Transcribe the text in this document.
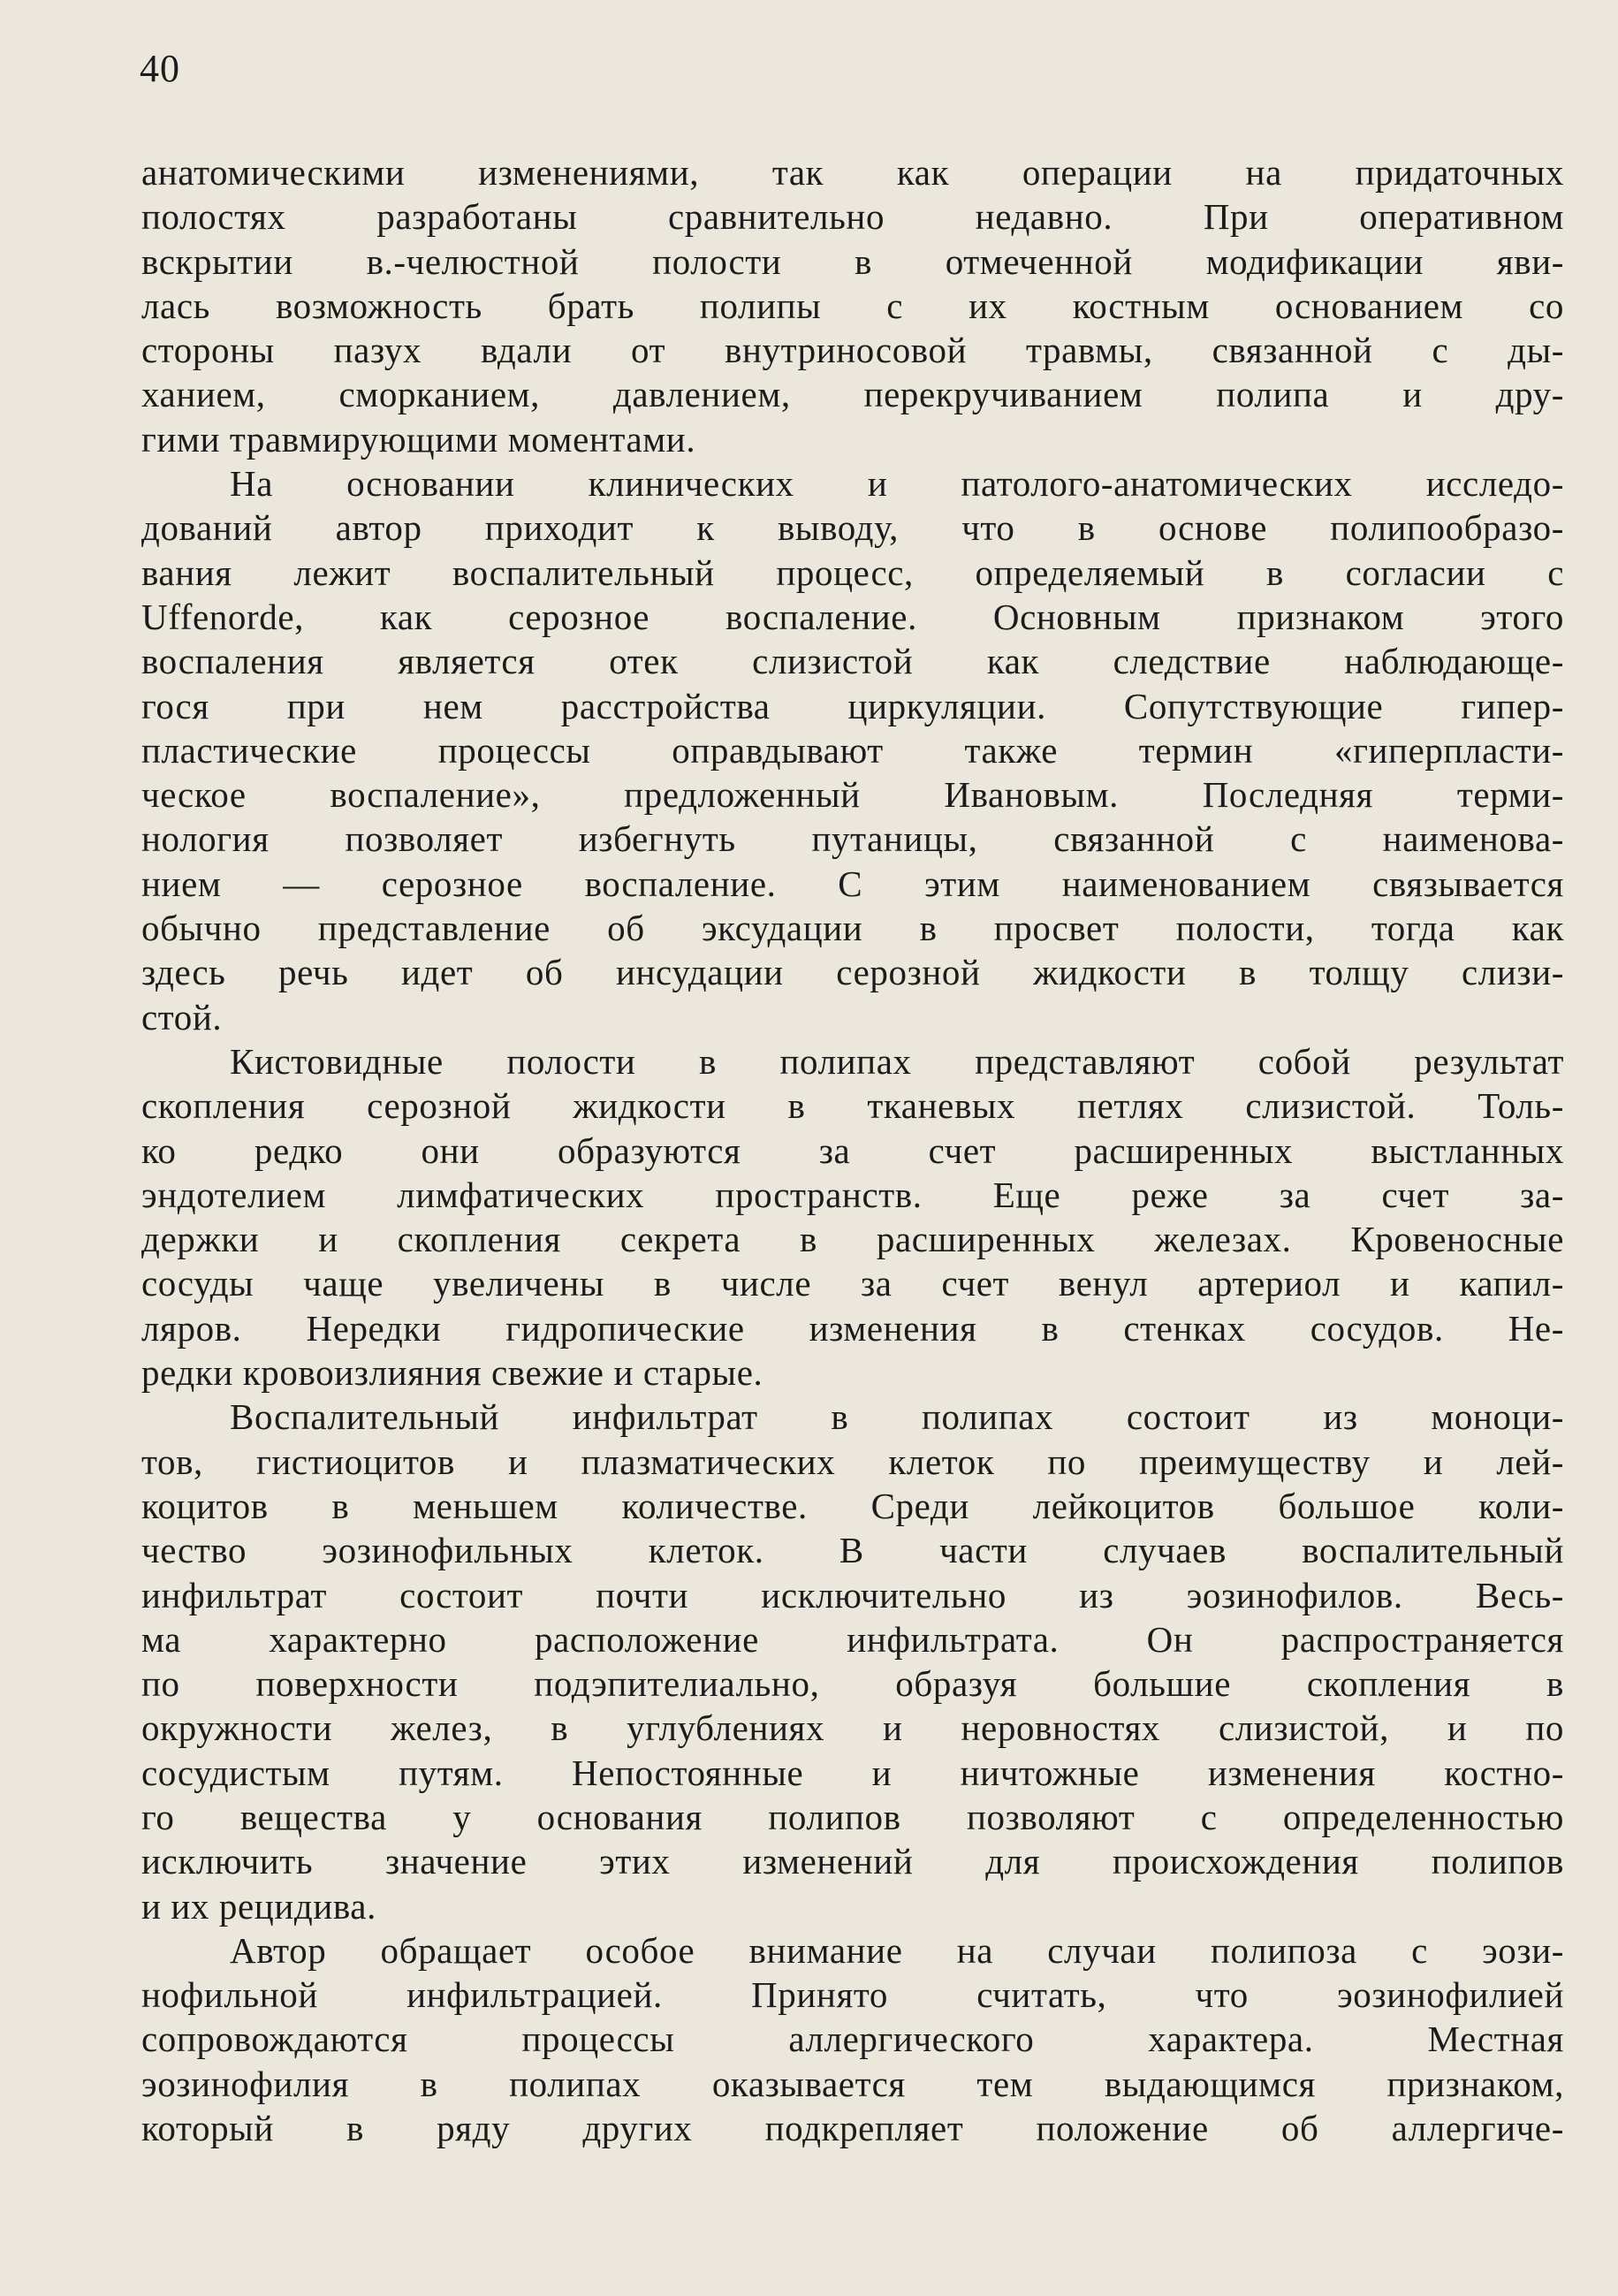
40
анатомическими изменениями, так как операции на придаточных
полостях разработаны сравнительно недавно. При оперативном
вскрытии в.-челюстной полости в отмеченной модификации яви-
лась возможность брать полипы с их костным основанием со
стороны пазух вдали от внутриносовой травмы, связанной с ды-
ханием, сморканием, давлением, перекручиванием полипа и дру-
гими травмирующими моментами.
На основании клинических и патолого-анатомических исследо-
дований автор приходит к выводу, что в основе полипообразо-
вания лежит воспалительный процесс, определяемый в согласии с
Uffenorde, как серозное воспаление. Основным признаком этого
воспаления является отек слизистой как следствие наблюдающе-
гося при нем расстройства циркуляции. Сопутствующие гипер-
пластические процессы оправдывают также термин «гиперпласти-
ческое воспаление», предложенный Ивановым. Последняя терми-
нология позволяет избегнуть путаницы, связанной с наименова-
нием — серозное воспаление. С этим наименованием связывается
обычно представление об эксудации в просвет полости, тогда как
здесь речь идет об инсудации серозной жидкости в толщу слизи-
стой.
Кистовидные полости в полипах представляют собой результат
скопления серозной жидкости в тканевых петлях слизистой. Толь-
ко редко они образуются за счет расширенных выстланных
эндотелием лимфатических пространств. Еще реже за счет за-
держки и скопления секрета в расширенных железах. Кровеносные
сосуды чаще увеличены в числе за счет венул артериол и капил-
ляров. Нередки гидропические изменения в стенках сосудов. Не-
редки кровоизлияния свежие и старые.
Воспалительный инфильтрат в полипах состоит из моноци-
тов, гистиоцитов и плазматических клеток по преимуществу и лей-
коцитов в меньшем количестве. Среди лейкоцитов большое коли-
чество эозинофильных клеток. В части случаев воспалительный
инфильтрат состоит почти исключительно из эозинофилов. Весь-
ма характерно расположение инфильтрата. Он распространяется
по поверхности подэпителиально, образуя большие скопления в
окружности желез, в углублениях и неровностях слизистой, и по
сосудистым путям. Непостоянные и ничтожные изменения костно-
го вещества у основания полипов позволяют с определенностью
исключить значение этих изменений для происхождения полипов
и их рецидива.
Автор обращает особое внимание на случаи полипоза с эози-
нофильной инфильтрацией. Принято считать, что эозинофилией
сопровождаются процессы аллергического характера. Местная
эозинофилия в полипах оказывается тем выдающимся признаком,
который в ряду других подкрепляет положение об аллергиче-
